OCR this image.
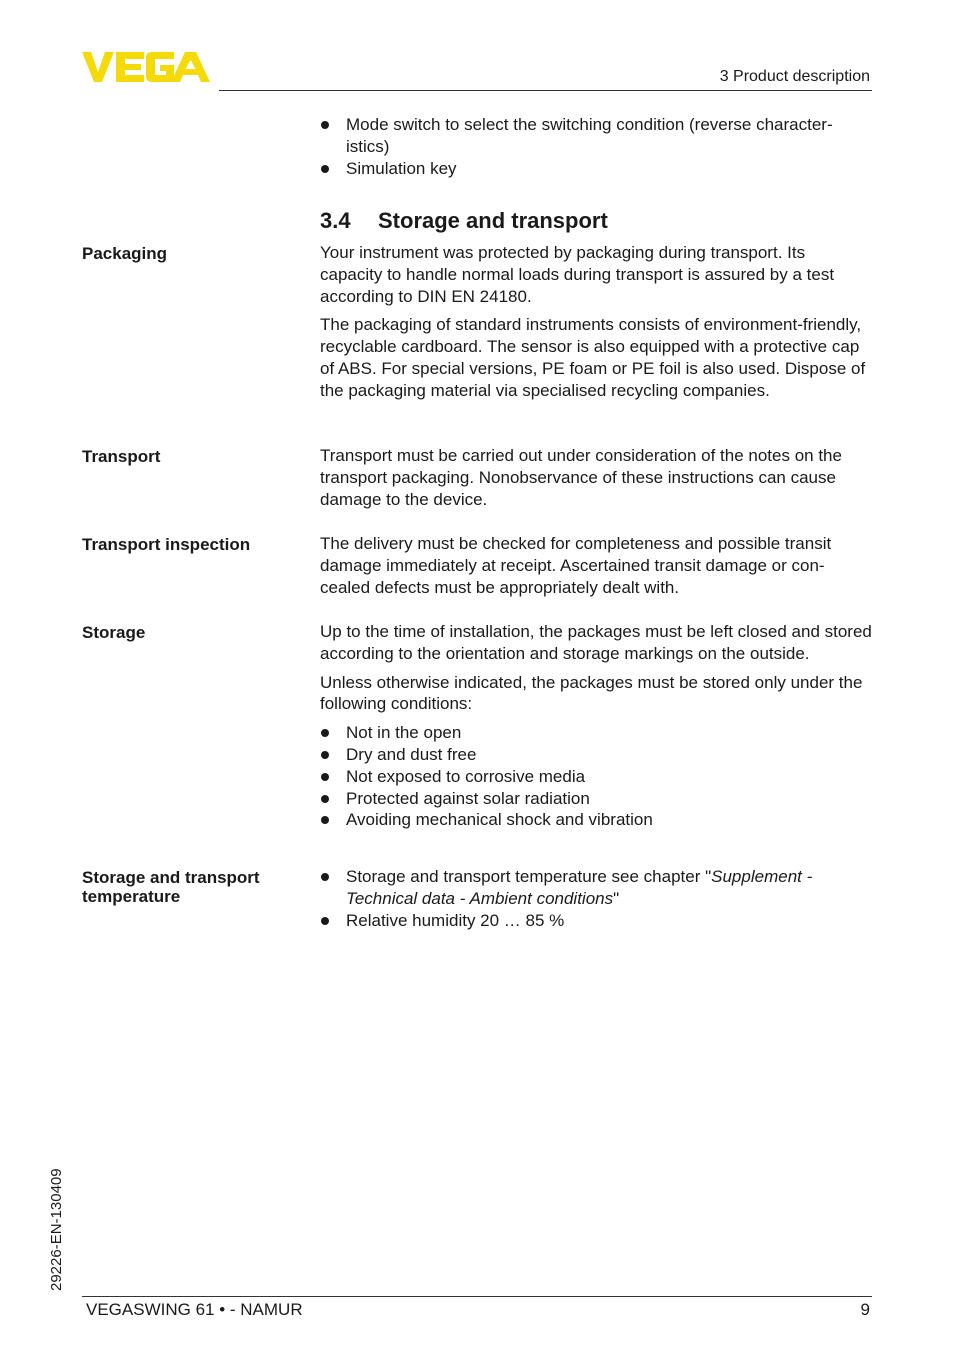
3 Product description
Mode switch to select the switching condition (reverse character-
istics)
Simulation key
3.4 Storage and transport
Packaging	Your instrument was protected by packaging during transport. Its capacity to handle normal loads during transport is assured by a test according to DIN EN 24180.

The packaging of standard instruments consists of environment-friendly, recyclable cardboard. The sensor is also equipped with a protective cap of ABS. For special versions, PE foam or PE foil is also used. Dispose of the packaging material via specialised recycling companies.

Transport	Transport must be carried out under consideration of the notes on the transport packaging. Nonobservance of these instructions can cause damage to the device.

Transport inspection	The delivery must be checked for completeness and possible transit damage immediately at receipt. Ascertained transit damage or con-cealed defects must be appropriately dealt with.

Storage	Up to the time of installation, the packages must be left closed and stored according to the orientation and storage markings on the outside.

Unless otherwise indicated, the packages must be stored only under the following conditions:

Not in the open
Dry and dust free
Not exposed to corrosive media
Protected against solar radiation
Avoiding mechanical shock and vibration
Storage and transport temperature
Storage and transport temperature see chapter "Supplement - Technical data - Ambient conditions"
Relative humidity 20 … 85 %
29226-EN-130409
VEGASWING 61 • - NAMUR	9
